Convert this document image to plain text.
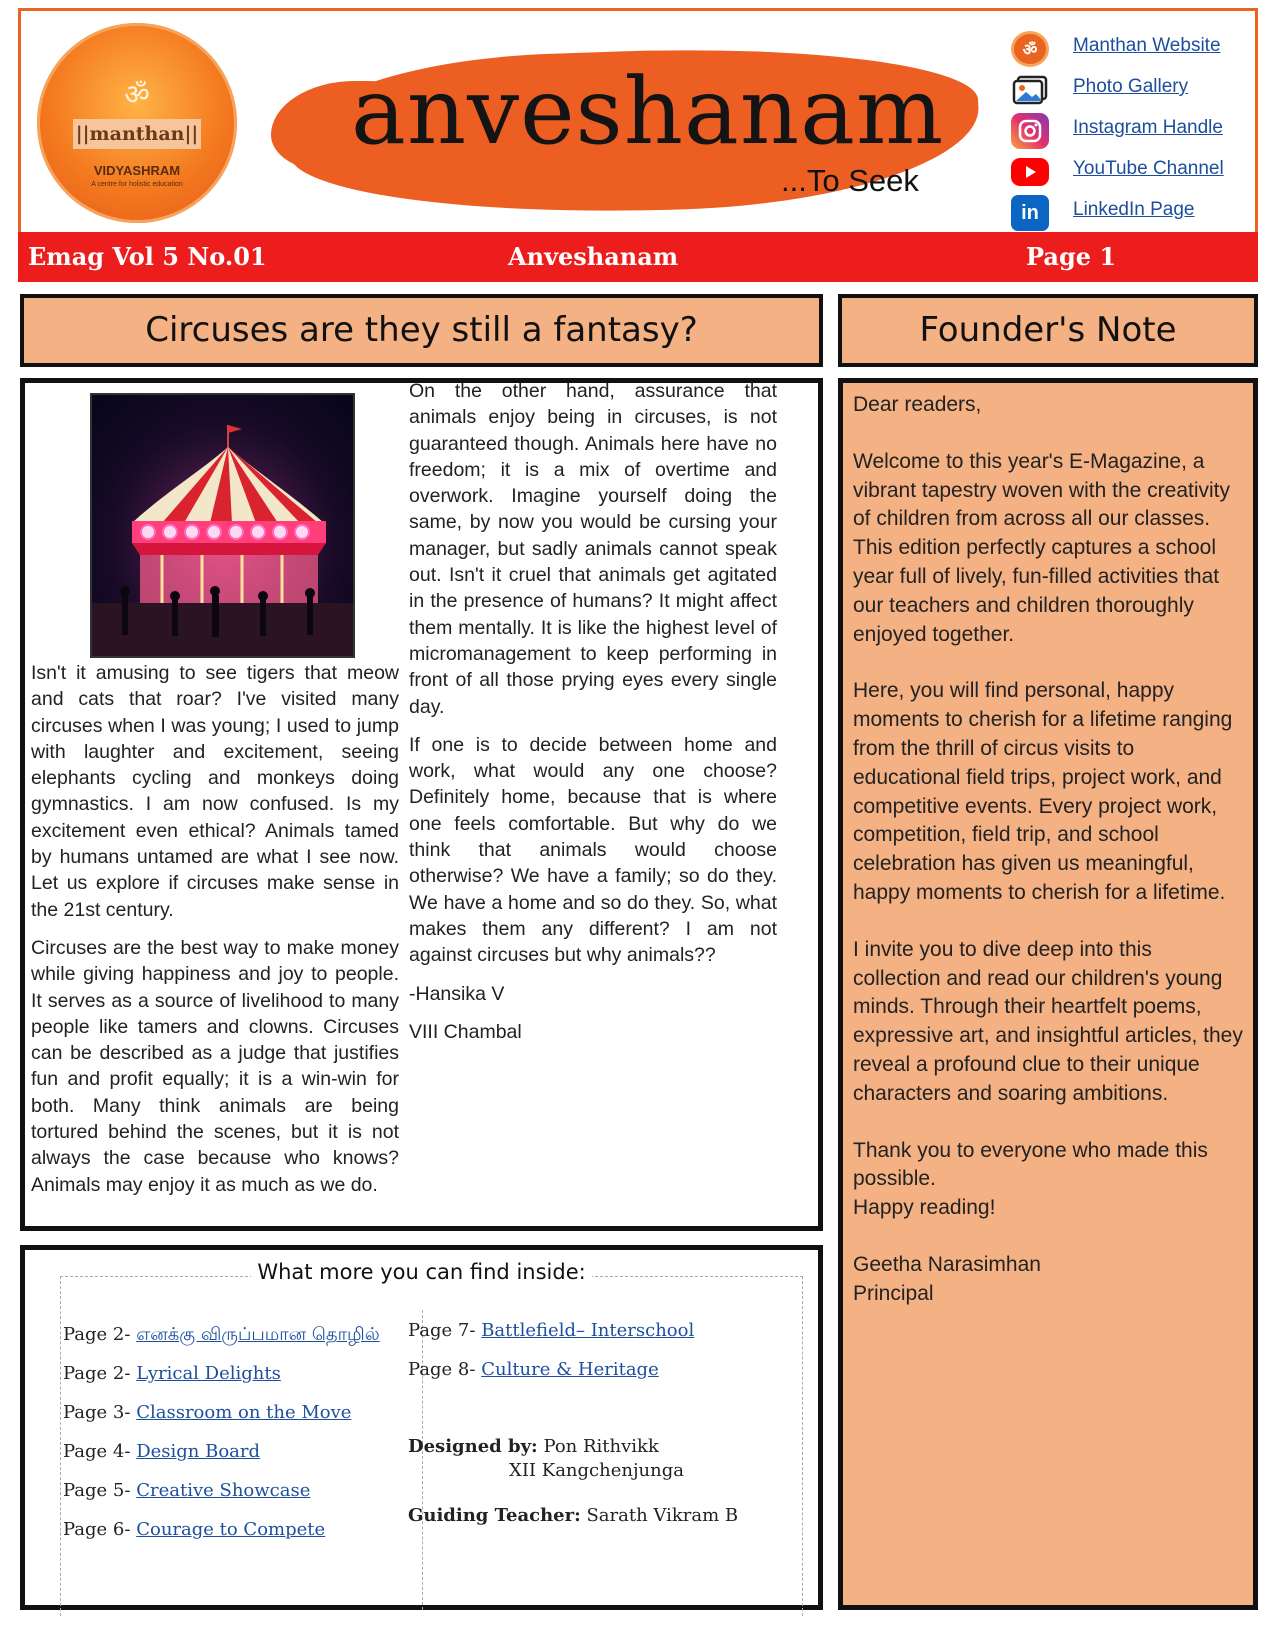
ॐ
||manthan||
VIDYASHRAM
A centre for holistic education
anveshanam
...To Seek
ॐ	Manthan Website
Photo Gallery
Instagram Handle
YouTube Channel
in	LinkedIn Page
Emag Vol 5 No.01	Anveshanam	Page 1
Circuses are they still a fantasy?	Founder's Note

Isn't it amusing to see tigers that meow and cats that roar? I've visited many circuses when I was young; I used to jump with laughter and excitement, seeing elephants cycling and monkeys doing gymnastics. I am now confused. Is my excitement even ethical? Animals tamed by humans untamed are what I see now. Let us explore if circuses make sense in the 21st century.

Circuses are the best way to make money while giving happiness and joy to people. It serves as a source of livelihood to many people like tamers and clowns. Circuses can be described as a judge that justifies fun and profit equally; it is a win-win for both. Many think animals are being tortured behind the scenes, but it is not always the case because who knows? Animals may enjoy it as much as we do.

On the other hand, assurance that animals enjoy being in circuses, is not guaranteed though. Animals here have no freedom; it is a mix of overtime and overwork. Imagine yourself doing the same, by now you would be cursing your manager, but sadly animals cannot speak out. Isn't it cruel that animals get agitated in the presence of humans? It might affect them mentally. It is like the highest level of micromanagement to keep performing in front of all those prying eyes every single day.

If one is to decide between home and work, what would any one choose? Definitely home, because that is where one feels comfortable. But why do we think that animals would choose otherwise? We have a family; so do they. We have a home and so do they. So, what makes them any different? I am not against circuses but why animals??

-Hansika V

VIII Chambal

Dear readers,

Welcome to this year's E-Magazine, a vibrant tapestry woven with the creativity of children from across all our classes. This edition perfectly captures a school year full of lively, fun-filled activities that our teachers and children thoroughly enjoyed together.

Here, you will find personal, happy moments to cherish for a lifetime ranging from the thrill of circus visits to educational field trips, project work, and competitive events. Every project work, competition, field trip, and school celebration has given us meaningful, happy moments to cherish for a lifetime.

I invite you to dive deep into this collection and read our children's young minds. Through their heartfelt poems, expressive art, and insightful articles, they reveal a profound clue to their unique characters and soaring ambitions.

Thank you to everyone who made this possible.
Happy reading!
Geetha Narasimhan
Principal
What more you can find inside:
Page 2- எனக்கு விருப்பமான தொழில்
Page 2- Lyrical Delights
Page 3- Classroom on the Move
Page 4- Design Board
Page 5- Creative Showcase
Page 6- Courage to Compete
Page 7- Battlefield– Interschool
Page 8- Culture & Heritage
Designed by: Pon Rithvikk
XII Kangchenjunga
Guiding Teacher: Sarath Vikram B
